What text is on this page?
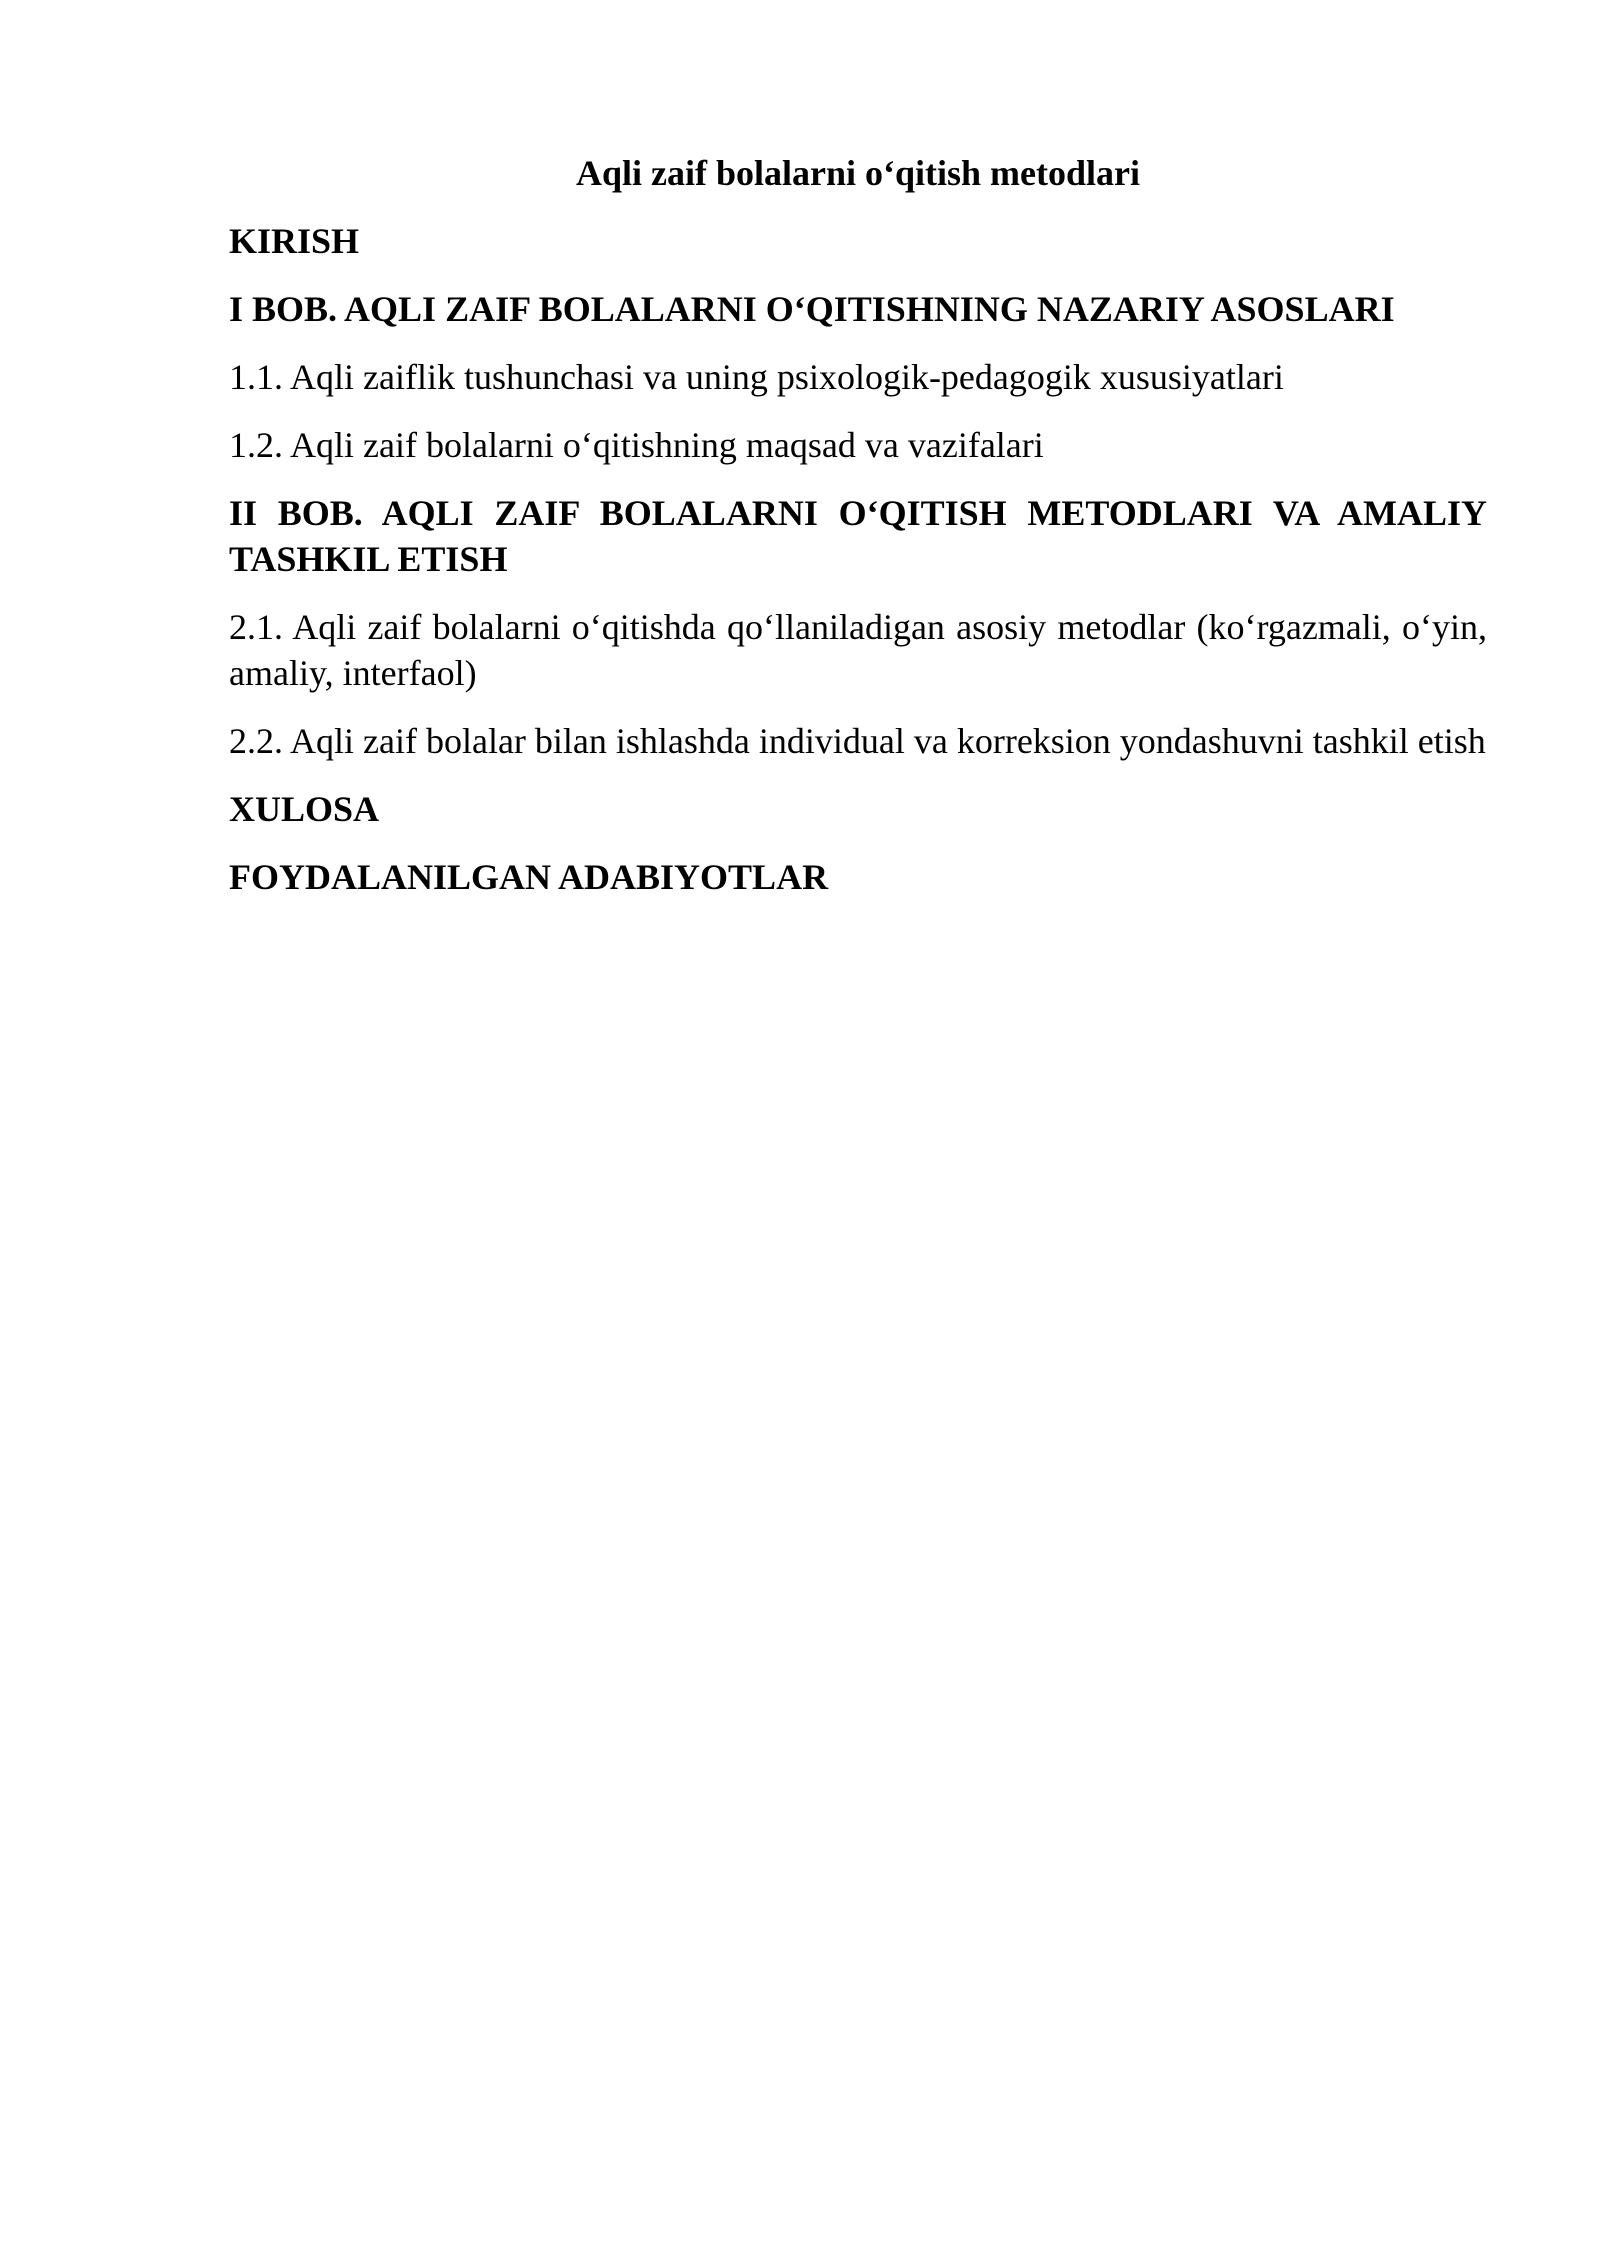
Aqli zaif bolalarni o‘qitish metodlari
KIRISH
I BOB. AQLI ZAIF BOLALARNI O‘QITISHNING NAZARIY ASOSLARI
1.1. Aqli zaiflik tushunchasi va uning psixologik-pedagogik xususiyatlari
1.2. Aqli zaif bolalarni o‘qitishning maqsad va vazifalari
II BOB. AQLI ZAIF BOLALARNI O‘QITISH METODLARI VA AMALIY TASHKIL ETISH
2.1. Aqli zaif bolalarni o‘qitishda qo‘llaniladigan asosiy metodlar (ko‘rgazmali, o‘yin, amaliy, interfaol)
2.2. Aqli zaif bolalar bilan ishlashda individual va korreksion yondashuvni tashkil etish
XULOSA
FOYDALANILGAN ADABIYOTLAR
